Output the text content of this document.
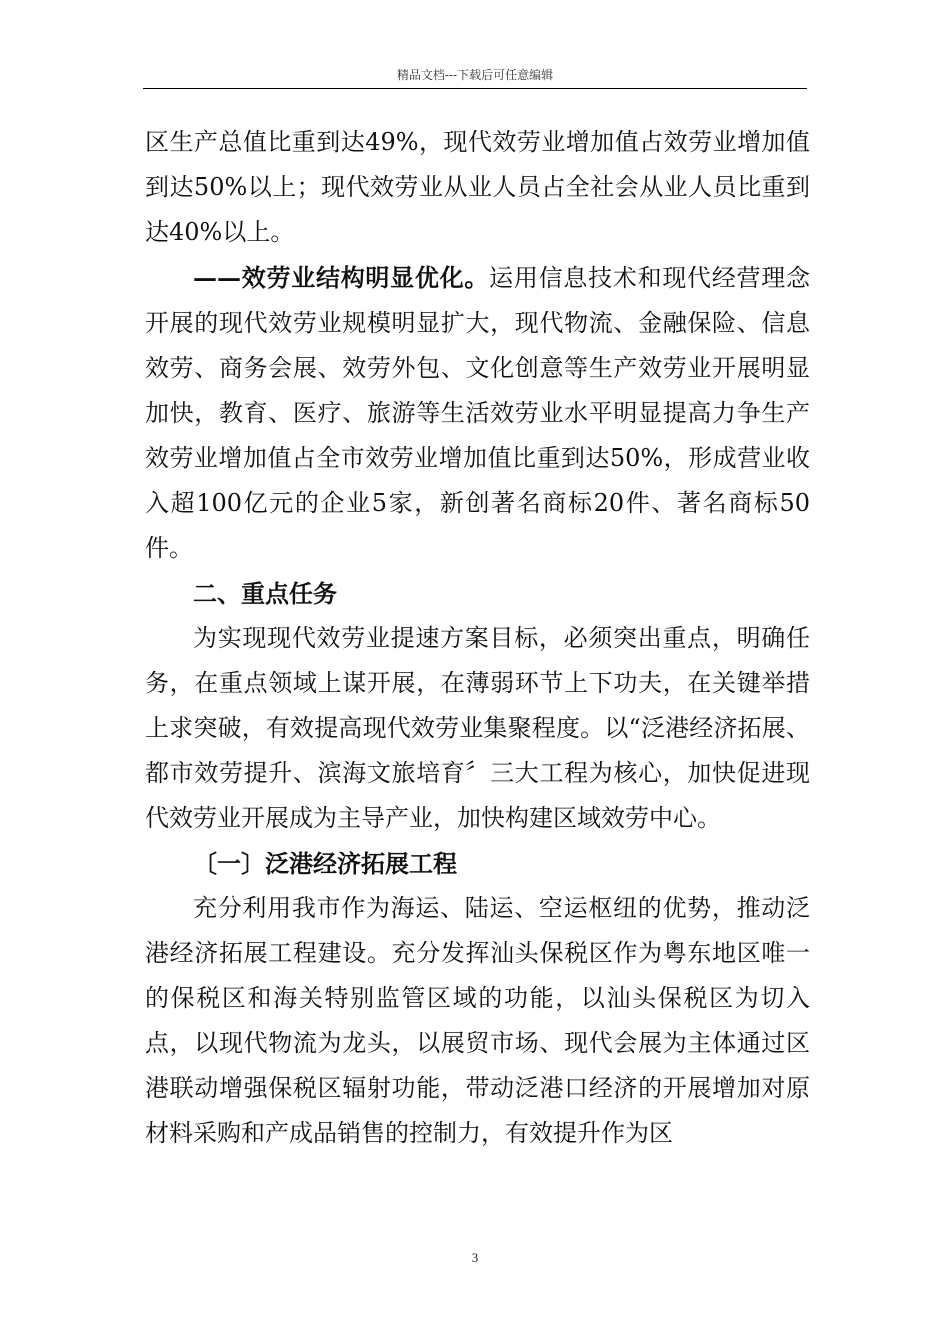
精品文档---下载后可任意编辑

区生产总值比重到达49%，现代效劳业增加值占效劳业增加值到达50%以上；现代效劳业从业人员占全社会从业人员比重到达40%以上。

——效劳业结构明显优化。运用信息技术和现代经营理念开展的现代效劳业规模明显扩大，现代物流、金融保险、信息效劳、商务会展、效劳外包、文化创意等生产效劳业开展明显加快，教育、医疗、旅游等生活效劳业水平明显提高力争生产效劳业增加值占全市效劳业增加值比重到达50%，形成营业收入超100亿元的企业5家，新创著名商标20件、著名商标50件。

二、重点任务

为实现现代效劳业提速方案目标，必须突出重点，明确任务，在重点领域上谋开展，在薄弱环节上下功夫，在关键举措上求突破，有效提高现代效劳业集聚程度。以“泛港经济拓展、都市效劳提升、滨海文旅培育〞三大工程为核心，加快促进现代效劳业开展成为主导产业，加快构建区域效劳中心。

〔一〕泛港经济拓展工程

充分利用我市作为海运、陆运、空运枢纽的优势，推动泛港经济拓展工程建设。充分发挥汕头保税区作为粤东地区唯一的保税区和海关特别监管区域的功能，以汕头保税区为切入点，以现代物流为龙头，以展贸市场、现代会展为主体通过区港联动增强保税区辐射功能，带动泛港口经济的开展增加对原材料采购和产成品销售的控制力，有效提升作为区

3
